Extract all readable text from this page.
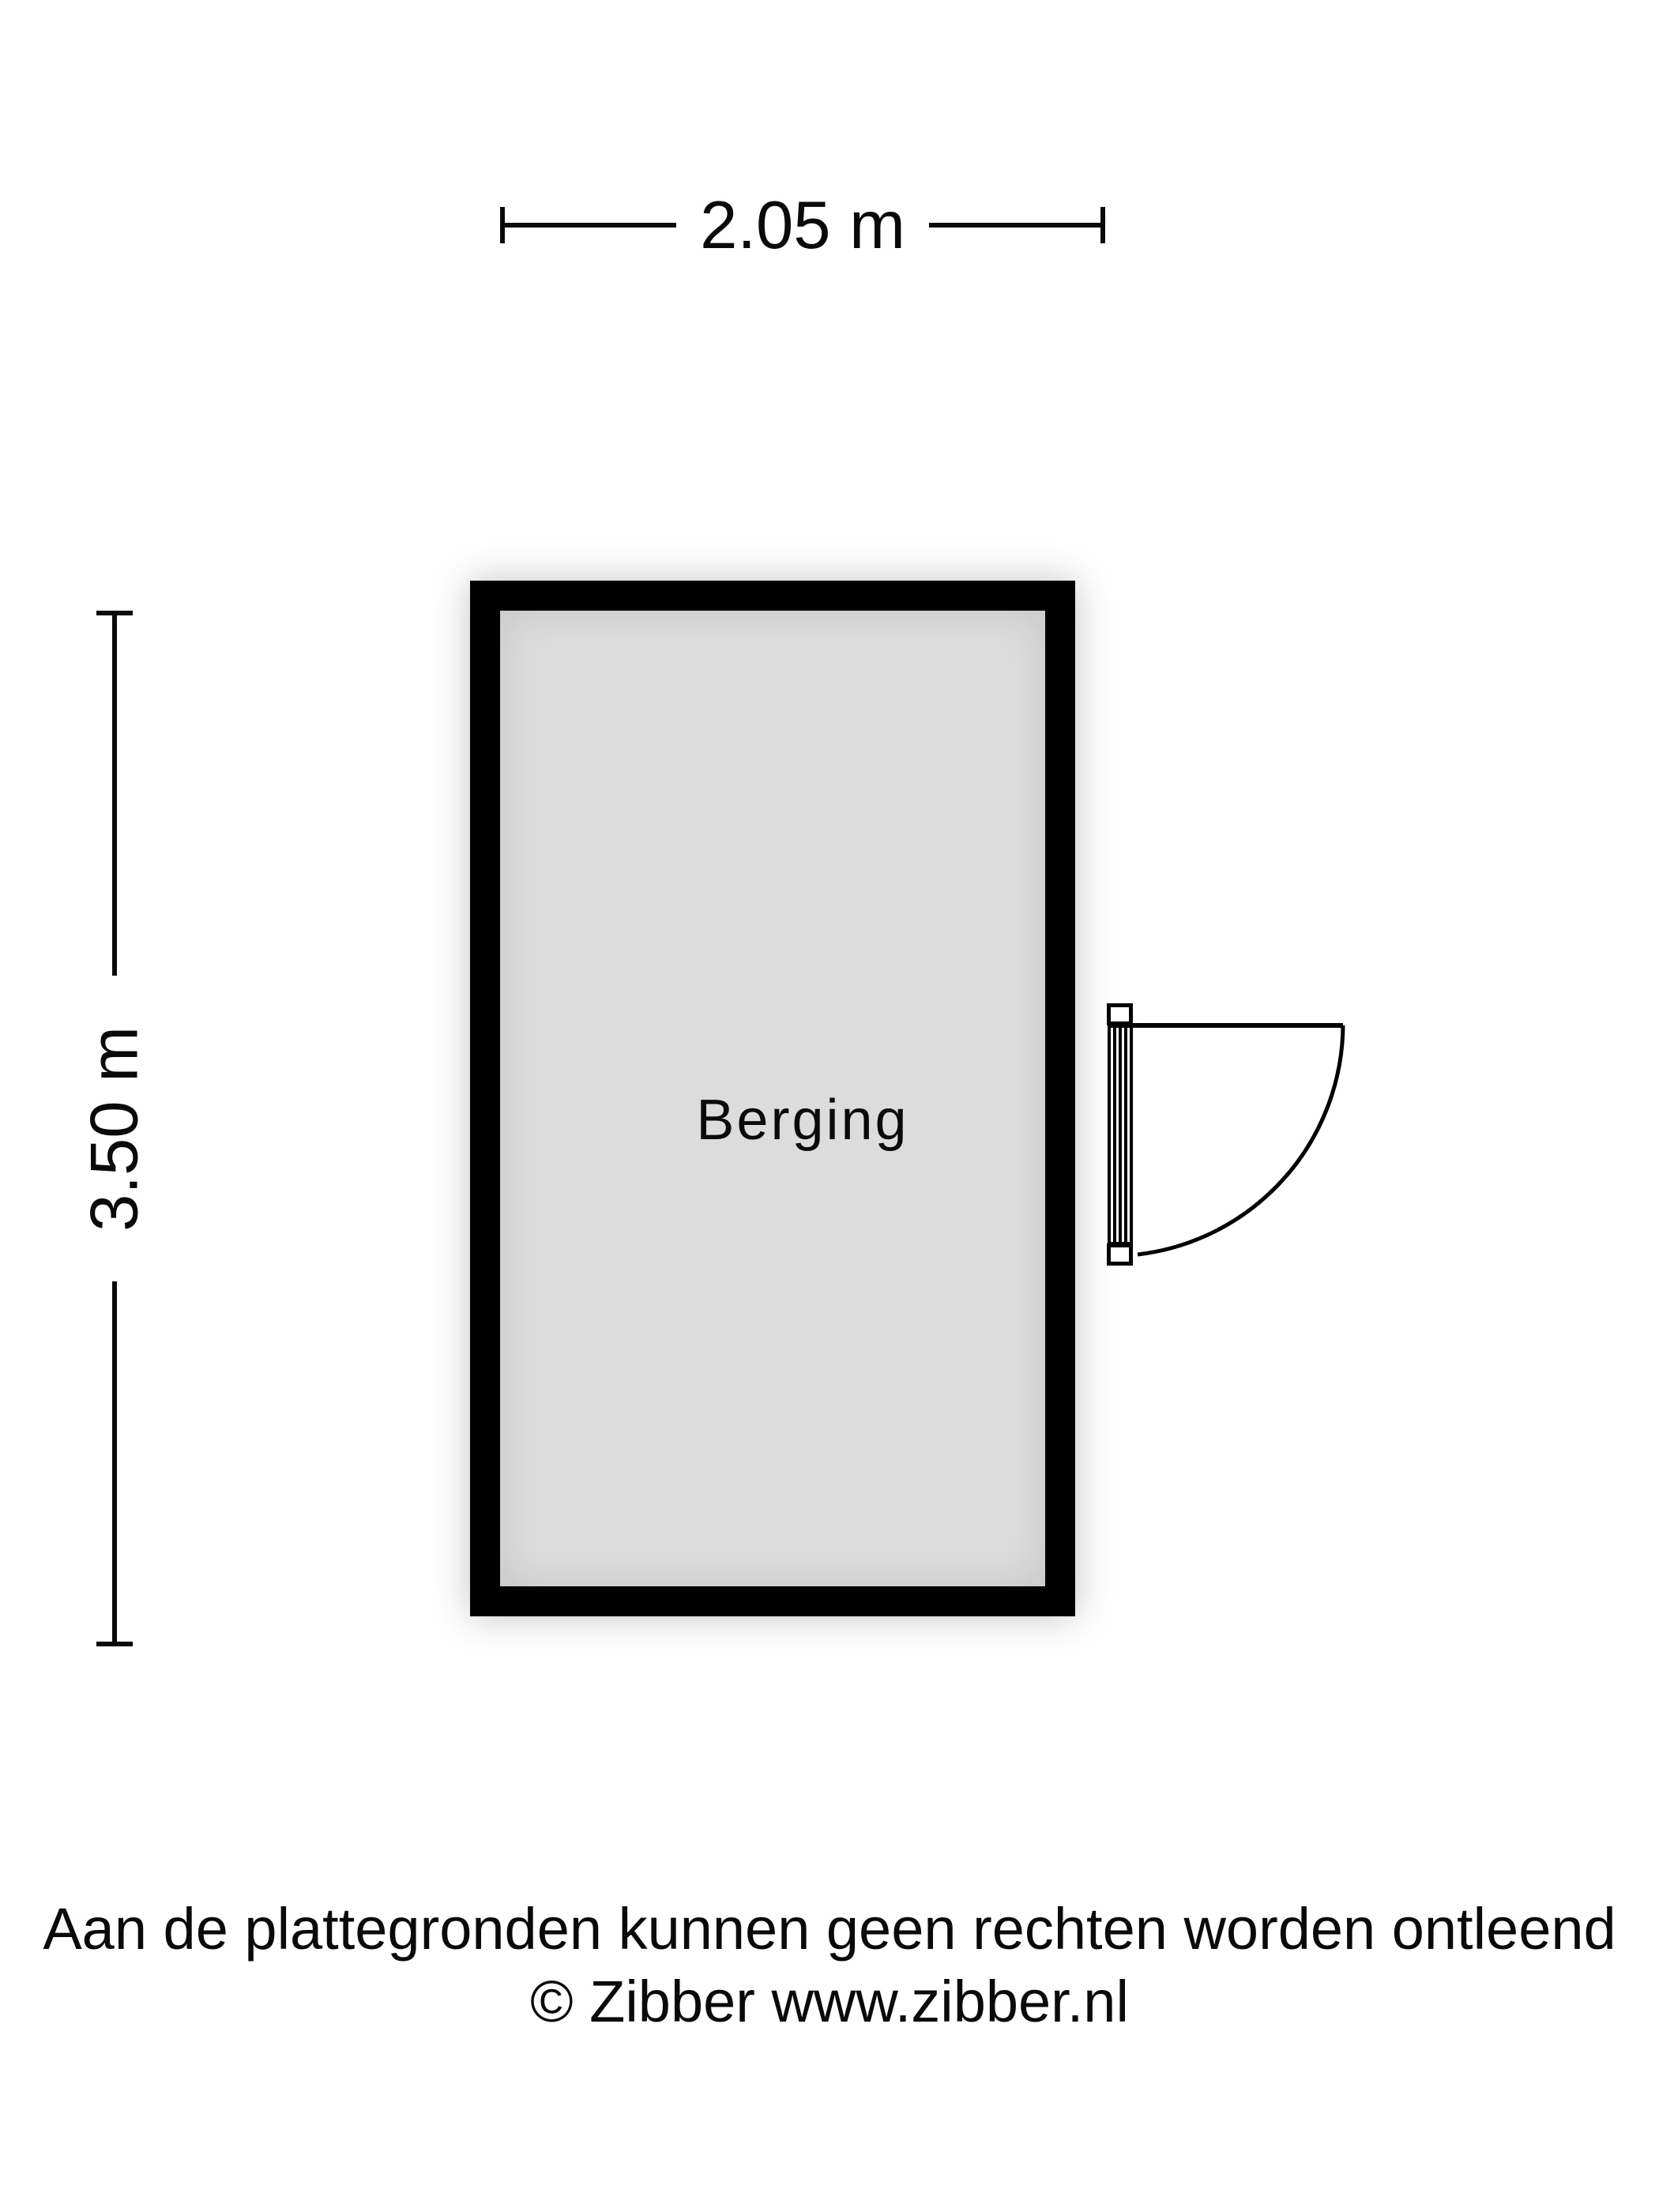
2.05 m
3.50 m	Berging
Aan de plattegronden kunnen geen rechten worden ontleend
© Zibber www.zibber.nl
